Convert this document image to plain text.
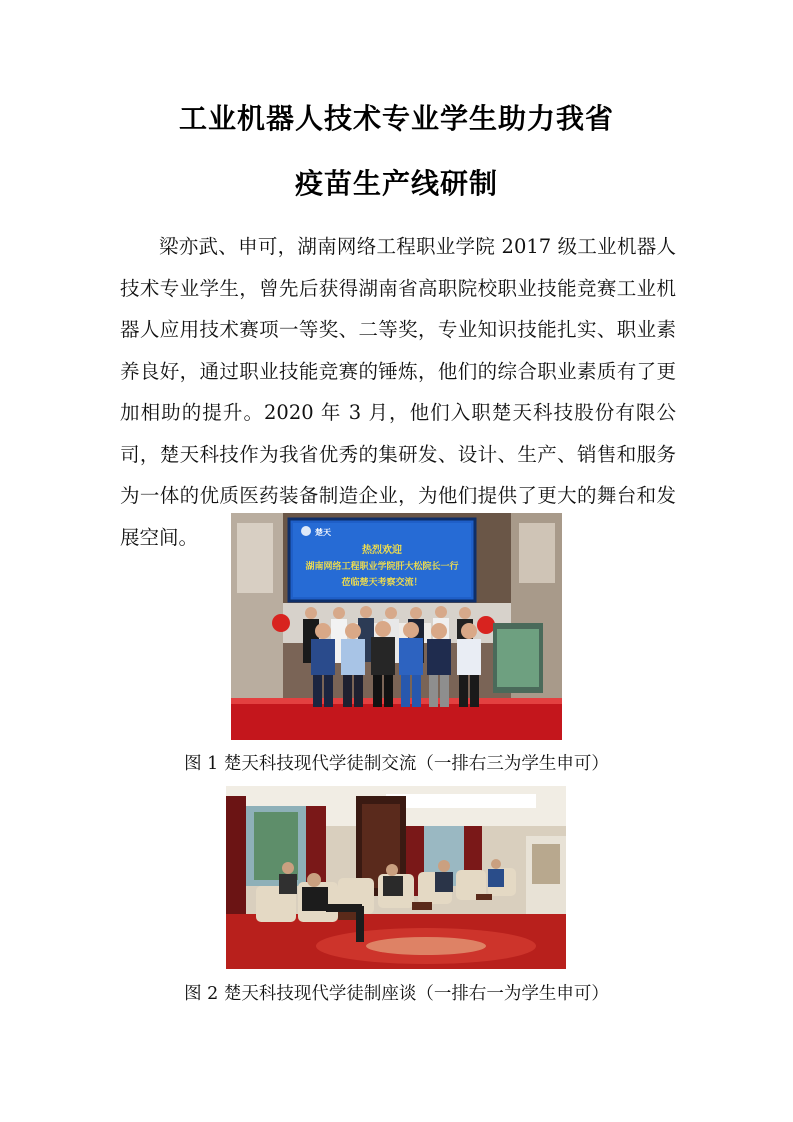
工业机器人技术专业学生助力我省
疫苗生产线研制

梁亦武、申可，湖南网络工程职业学院 2017 级工业机器人技术专业学生，曾先后获得湖南省高职院校职业技能竞赛工业机器人应用技术赛项一等奖、二等奖，专业知识技能扎实、职业素养良好，通过职业技能竞赛的锤炼，他们的综合职业素质有了更加相助的提升。2020 年 3 月，他们入职楚天科技股份有限公司，楚天科技作为我省优秀的集研发、设计、生产、销售和服务为一体的优质医药装备制造企业，为他们提供了更大的舞台和发展空间。	楚天
热烈欢迎
湖南网络工程职业学院肝大松院长一行
莅临楚天考察交流！
图 1 楚天科技现代学徒制交流（一排右三为学生申可）
图 2 楚天科技现代学徒制座谈（一排右一为学生申可）
